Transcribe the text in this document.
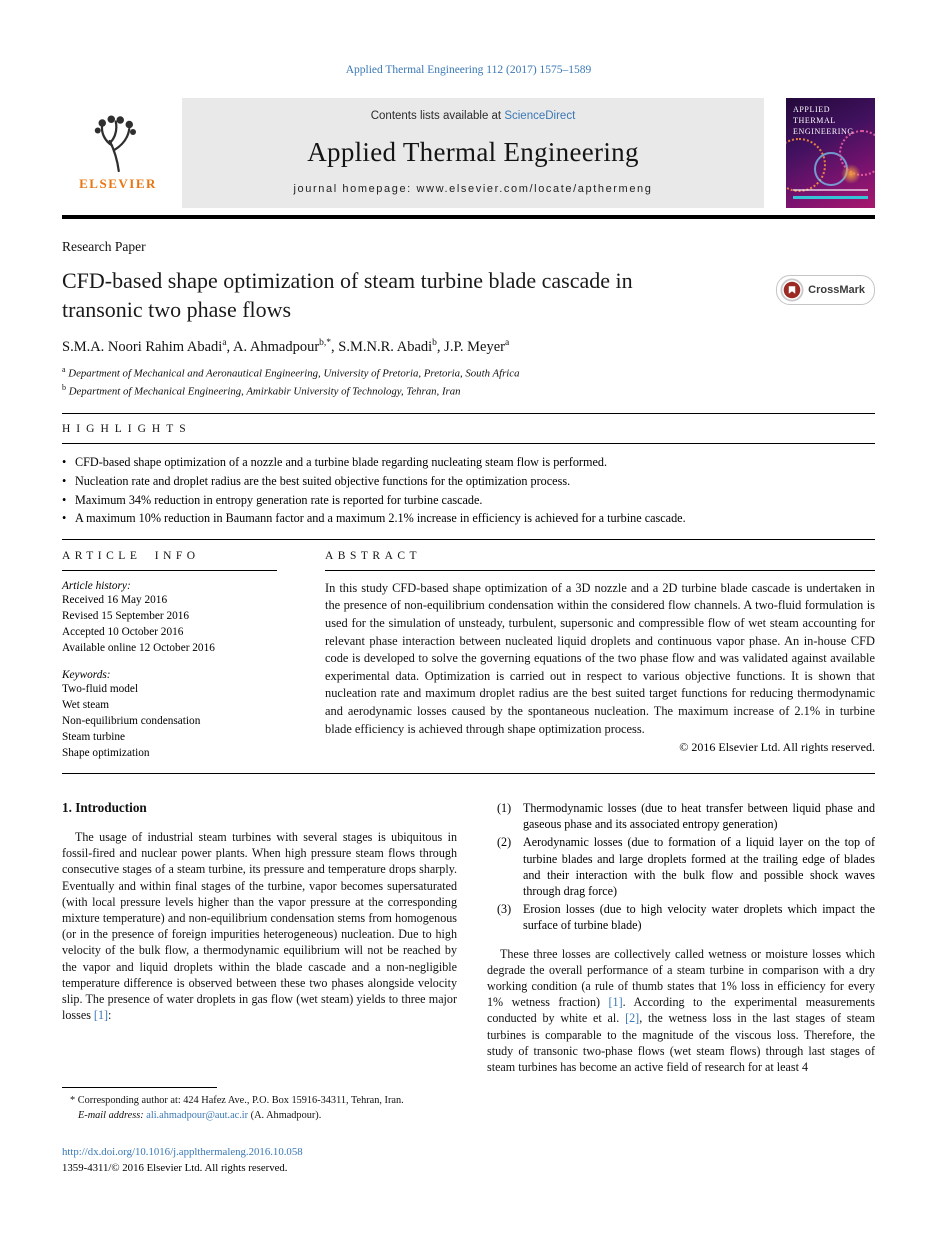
Applied Thermal Engineering 112 (2017) 1575–1589
ELSEVIER
Contents lists available at ScienceDirect
Applied Thermal Engineering
journal homepage: www.elsevier.com/locate/apthermeng
APPLIED
THERMAL
ENGINEERING
Research Paper
CFD-based shape optimization of steam turbine blade cascade in transonic two phase flows
CrossMark
S.M.A. Noori Rahim Abadi$^a$, A. Ahmadpour$^{b,*}$, S.M.N.R. Abadi$^b$, J.P. Meyer$^a$
$^a$ Department of Mechanical and Aeronautical Engineering, University of Pretoria, Pretoria, South Africa
$^b$ Department of Mechanical Engineering, Amirkabir University of Technology, Tehran, Iran
HIGHLIGHTS
• CFD-based shape optimization of a nozzle and a turbine blade regarding nucleating steam flow is performed.
• Nucleation rate and droplet radius are the best suited objective functions for the optimization process.
• Maximum 34% reduction in entropy generation rate is reported for turbine cascade.
• A maximum 10% reduction in Baumann factor and a maximum 2.1% increase in efficiency is achieved for a turbine cascade.
ARTICLE INFO
Article history:
Received 16 May 2016
Revised 15 September 2016
Accepted 10 October 2016
Available online 12 October 2016
Keywords:
Two-fluid model
Wet steam
Non-equilibrium condensation
Steam turbine
Shape optimization
ABSTRACT
In this study CFD-based shape optimization of a 3D nozzle and a 2D turbine blade cascade is undertaken in the presence of non-equilibrium condensation within the considered flow channels. A two-fluid formulation is used for the simulation of unsteady, turbulent, supersonic and compressible flow of wet steam accounting for relevant phase interaction between nucleated liquid droplets and continuous vapor phase. An in-house CFD code is developed to solve the governing equations of the two phase flow and was validated against available experimental data. Optimization is carried out in respect to various objective functions. It is shown that nucleation rate and maximum droplet radius are the best suited target functions for reducing thermodynamic and aerodynamic losses caused by the spontaneous nucleation. The maximum increase of 2.1% in turbine blade efficiency is achieved through shape optimization process.
© 2016 Elsevier Ltd. All rights reserved.
1. Introduction
The usage of industrial steam turbines with several stages is ubiquitous in fossil-fired and nuclear power plants. When high pressure steam flows through consecutive stages of a steam turbine, its pressure and temperature drops sharply. Eventually and within final stages of the turbine, vapor becomes supersaturated (with local pressure levels higher than the vapor pressure at the corresponding mixture temperature) and non-equilibrium condensation stems from homogenous (or in the presence of foreign impurities heterogeneous) nucleation. Due to high velocity of the bulk flow, a thermodynamic equilibrium will not be reached by the vapor and liquid droplets within the blade cascade and a non-negligible temperature difference is observed between these two phases alongside velocity slip. The presence of water droplets in gas flow (wet steam) yields to three major losses [1]:
* Corresponding author at: 424 Hafez Ave., P.O. Box 15916-34311, Tehran, Iran.
E-mail address: ali.ahmadpour@aut.ac.ir (A. Ahmadpour).
http://dx.doi.org/10.1016/j.applthermaleng.2016.10.058
1359-4311/© 2016 Elsevier Ltd. All rights reserved.
(1) Thermodynamic losses (due to heat transfer between liquid phase and gaseous phase and its associated entropy generation)
(2) Aerodynamic losses (due to formation of a liquid layer on the top of turbine blades and large droplets formed at the trailing edge of blades and their interaction with the bulk flow and possible shock waves through drag force)
(3) Erosion losses (due to high velocity water droplets which impact the surface of turbine blade)
These three losses are collectively called wetness or moisture losses which degrade the overall performance of a steam turbine in comparison with a dry working condition (a rule of thumb states that 1% loss in efficiency for every 1% wetness fraction) [1]. According to the experimental measurements conducted by white et al. [2], the wetness loss in the last stages of steam turbines is comparable to the magnitude of the viscous loss. Therefore, the study of transonic two-phase flows (wet steam flows) through last stages of steam turbines has become an active field of research for at least 4
